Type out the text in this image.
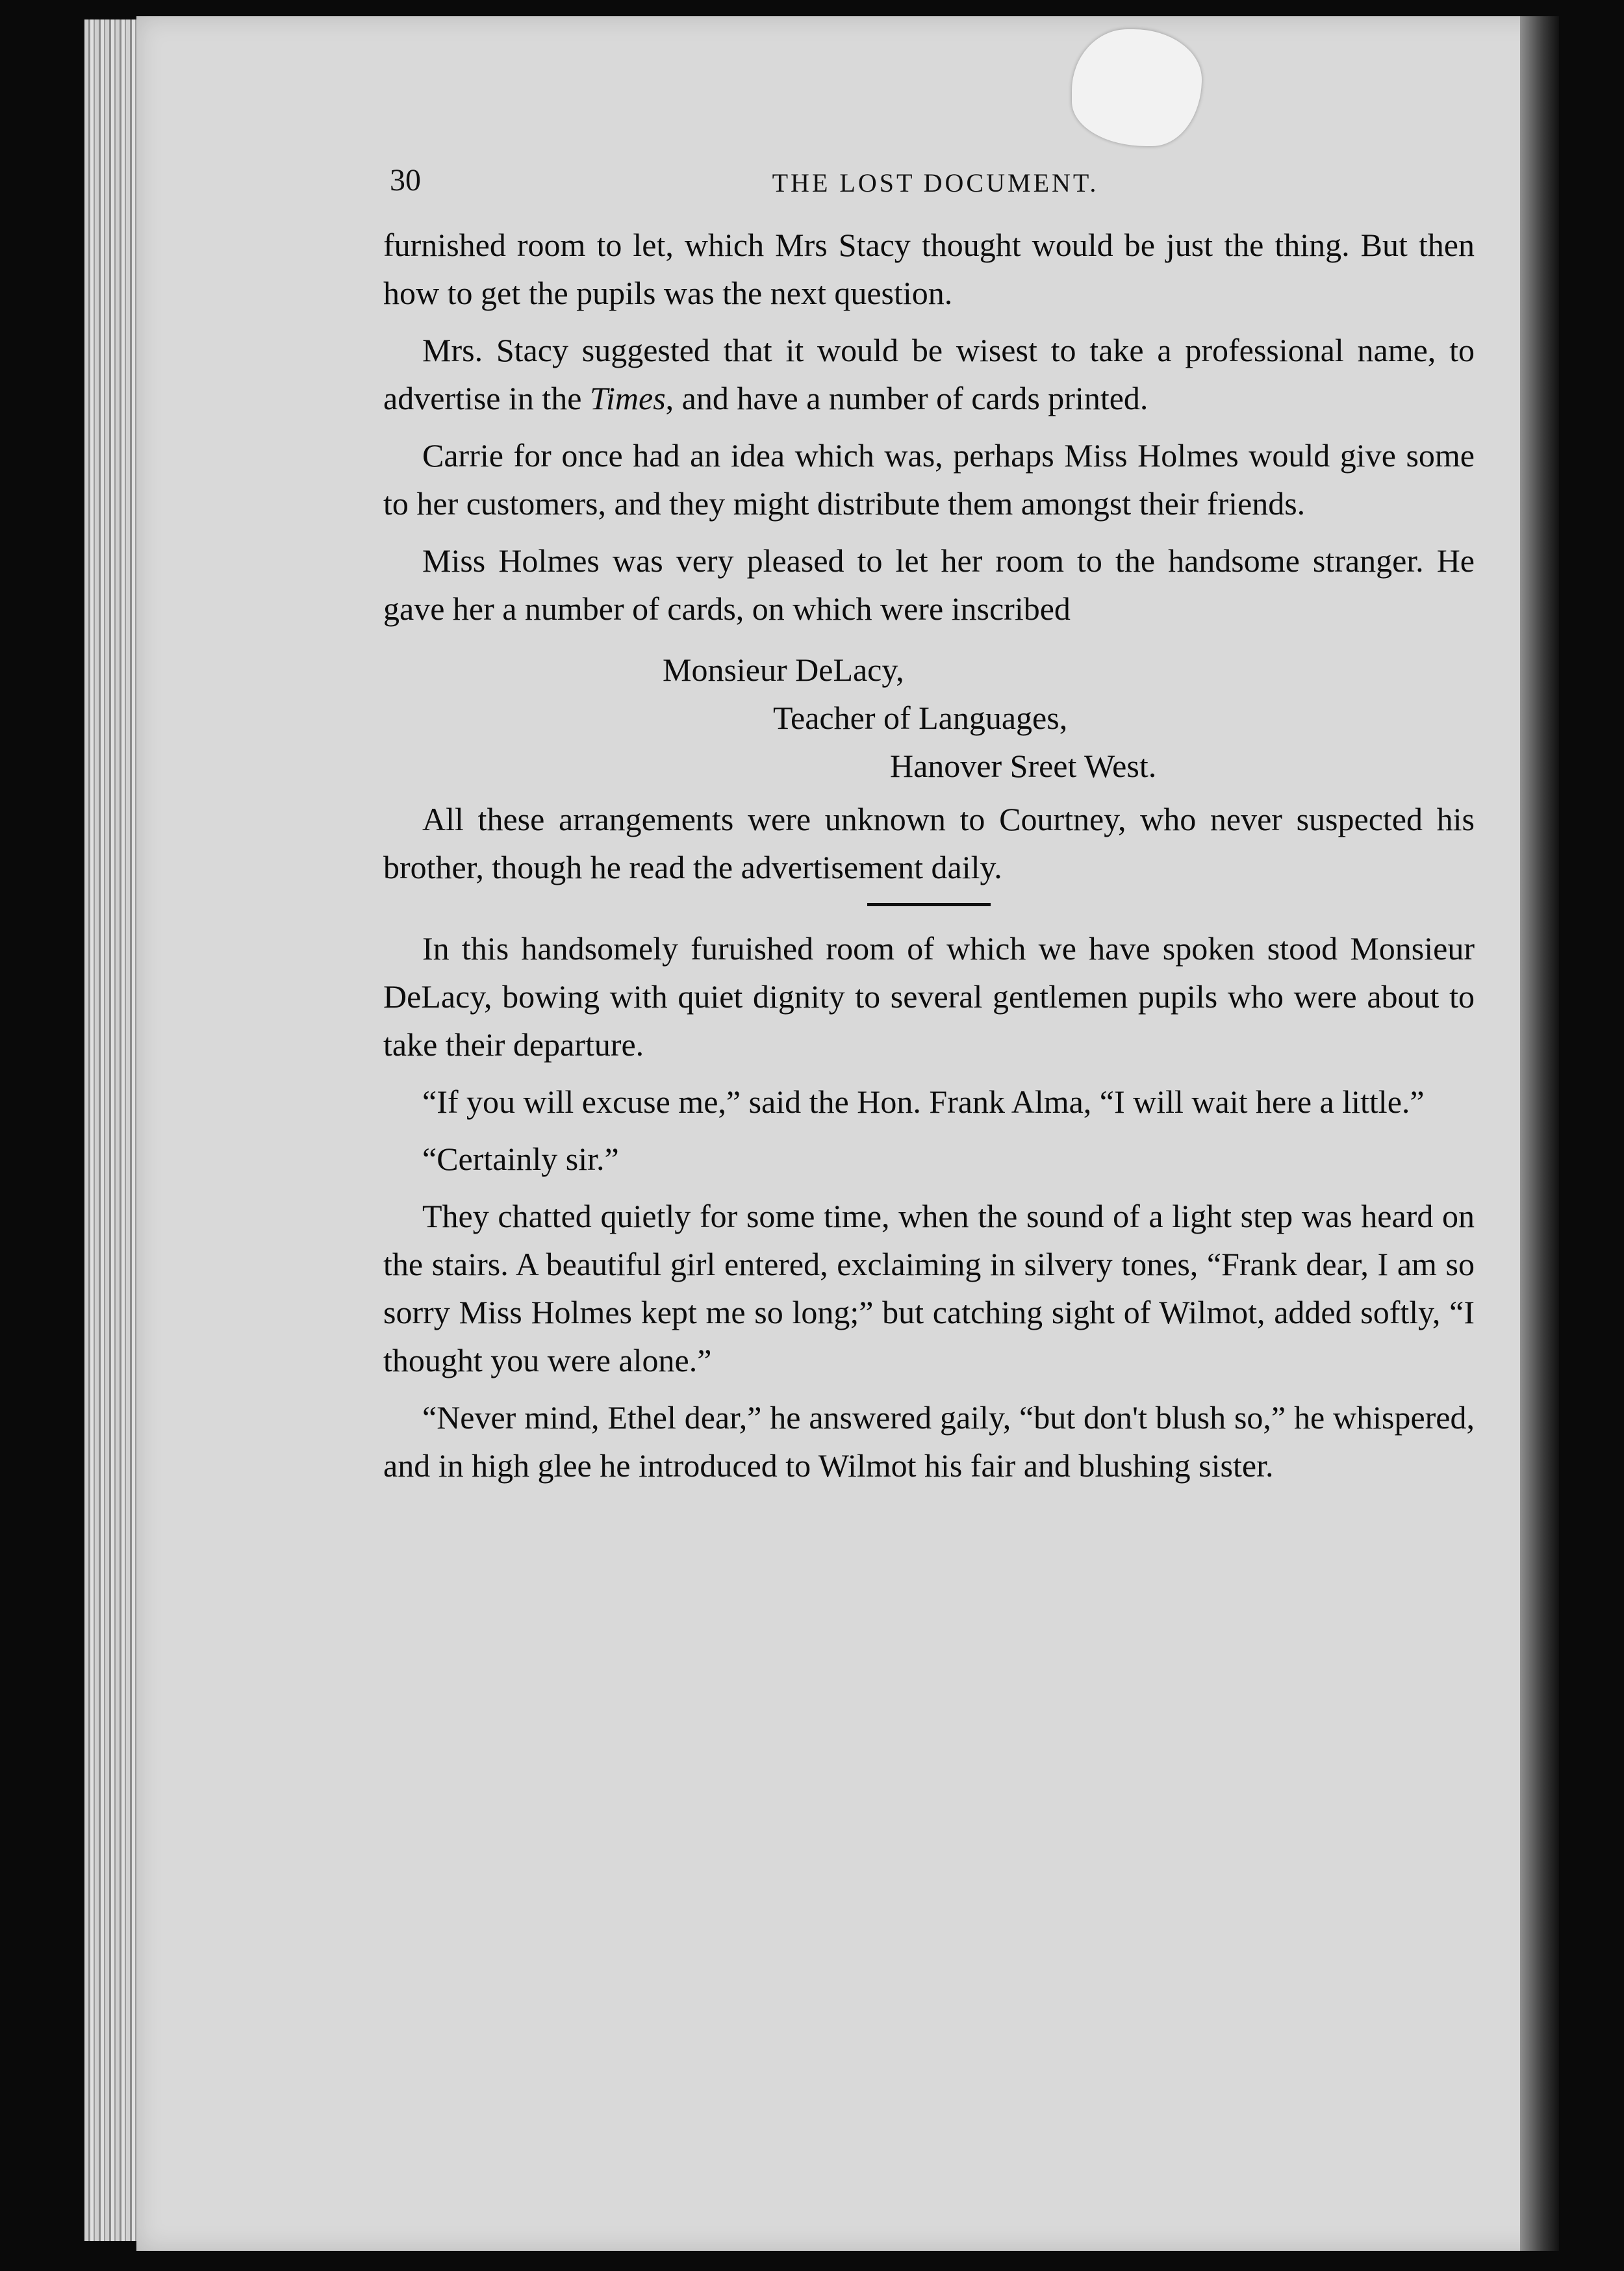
30	THE LOST DOCUMENT.

furnished room to let, which Mrs Stacy thought would be just the thing. But then how to get the pupils was the next question.

Mrs. Stacy suggested that it would be wisest to take a professional name, to advertise in the Times, and have a number of cards printed.

Carrie for once had an idea which was, perhaps Miss Holmes would give some to her customers, and they might distribute them amongst their friends.

Miss Holmes was very pleased to let her room to the handsome stranger. He gave her a number of cards, on which were inscribed

Monsieur DeLacy,
Teacher of Languages,
Hanover Sreet West.

All these arrangements were unknown to Courtney, who never suspected his brother, though he read the advertisement daily.

In this handsomely furuished room of which we have spoken stood Monsieur DeLacy, bowing with quiet dignity to several gentlemen pupils who were about to take their departure.

“If you will excuse me,” said the Hon. Frank Alma, “I will wait here a little.”

“Certainly sir.”

They chatted quietly for some time, when the sound of a light step was heard on the stairs. A beautiful girl entered, exclaiming in silvery tones, “Frank dear, I am so sorry Miss Holmes kept me so long;” but catching sight of Wilmot, added softly, “I thought you were alone.”

“Never mind, Ethel dear,” he answered gaily, “but don't blush so,” he whispered, and in high glee he introduced to Wilmot his fair and blushing sister.
